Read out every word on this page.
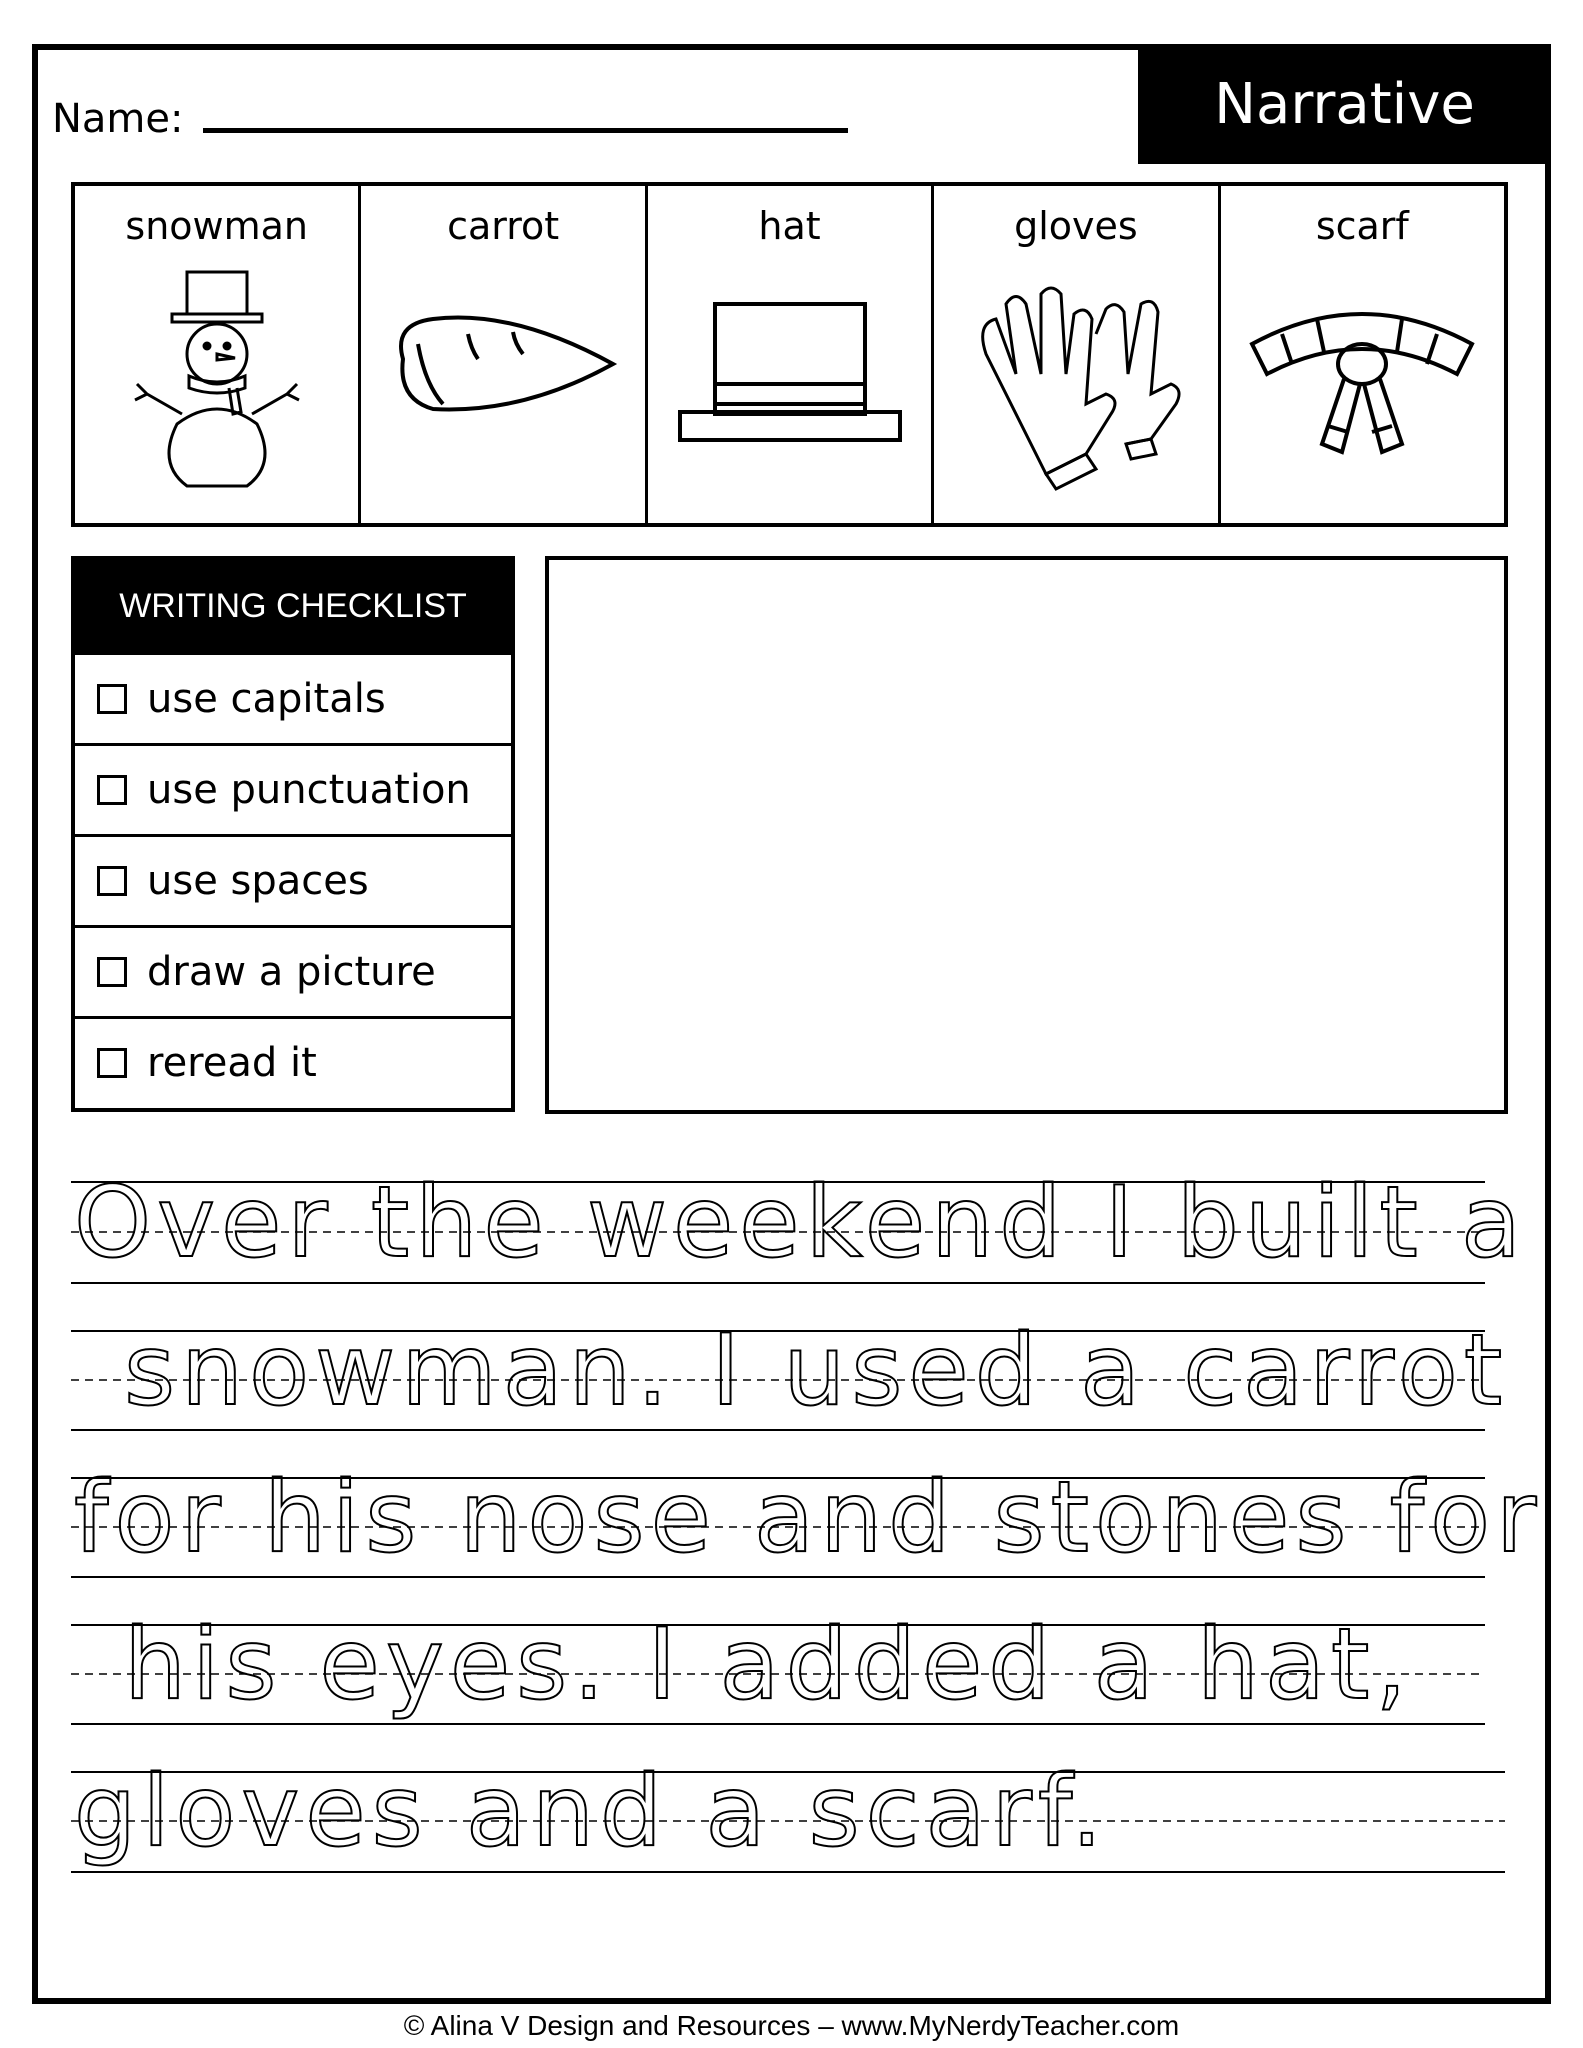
Name:	Narrative
snowman	carrot	hat	gloves	scarf
WRITING CHECKLIST
use capitals
use punctuation
use spaces
draw a picture
reread it
Over the weekend I built a
snowman. I used a carrot
for his nose and stones for
his eyes. I added a hat,
gloves and a scarf.
© Alina V Design and Resources – www.MyNerdyTeacher.com
